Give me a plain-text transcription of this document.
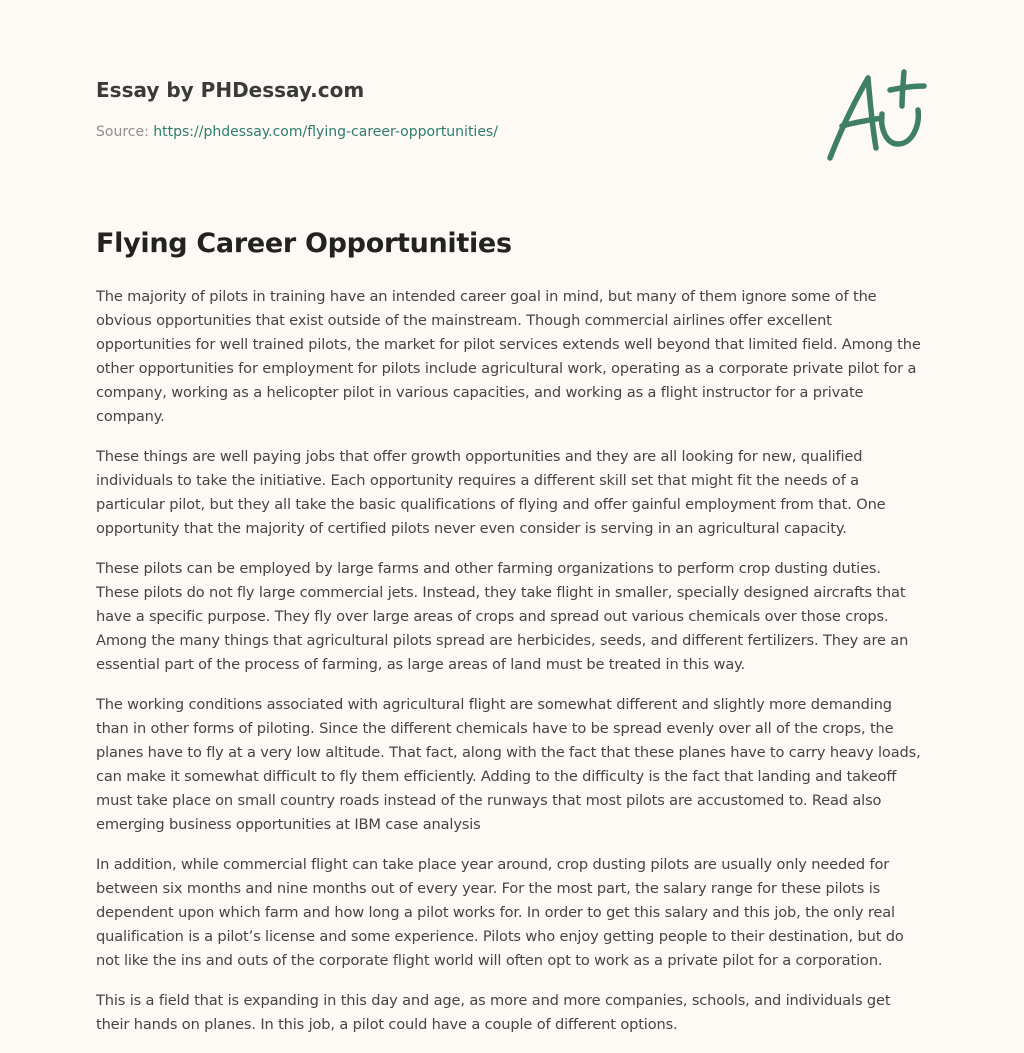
Essay by PHDessay.com
Source: https://phdessay.com/flying-career-opportunities/
Flying Career Opportunities

The majority of pilots in training have an intended career goal in mind, but many of them ignore some of the obvious opportunities that exist outside of the mainstream. Though commercial airlines offer excellent opportunities for well trained pilots, the market for pilot services extends well beyond that limited field. Among the other opportunities for employment for pilots include agricultural work, operating as a corporate private pilot for a company, working as a helicopter pilot in various capacities, and working as a flight instructor for a private company.

These things are well paying jobs that offer growth opportunities and they are all looking for new, qualified individuals to take the initiative. Each opportunity requires a different skill set that might fit the needs of a particular pilot, but they all take the basic qualifications of flying and offer gainful employment from that. One opportunity that the majority of certified pilots never even consider is serving in an agricultural capacity.

These pilots can be employed by large farms and other farming organizations to perform crop dusting duties. These pilots do not fly large commercial jets. Instead, they take flight in smaller, specially designed aircrafts that have a specific purpose. They fly over large areas of crops and spread out various chemicals over those crops. Among the many things that agricultural pilots spread are herbicides, seeds, and different fertilizers. They are an essential part of the process of farming, as large areas of land must be treated in this way.

The working conditions associated with agricultural flight are somewhat different and slightly more demanding than in other forms of piloting. Since the different chemicals have to be spread evenly over all of the crops, the planes have to fly at a very low altitude. That fact, along with the fact that these planes have to carry heavy loads, can make it somewhat difficult to fly them efficiently. Adding to the difficulty is the fact that landing and takeoff must take place on small country roads instead of the runways that most pilots are accustomed to. Read also emerging business opportunities at IBM case analysis

In addition, while commercial flight can take place year around, crop dusting pilots are usually only needed for between six months and nine months out of every year. For the most part, the salary range for these pilots is dependent upon which farm and how long a pilot works for. In order to get this salary and this job, the only real qualification is a pilot’s license and some experience. Pilots who enjoy getting people to their destination, but do not like the ins and outs of the corporate flight world will often opt to work as a private pilot for a corporation.

This is a field that is expanding in this day and age, as more and more companies, schools, and individuals get their hands on planes. In this job, a pilot could have a couple of different options.
